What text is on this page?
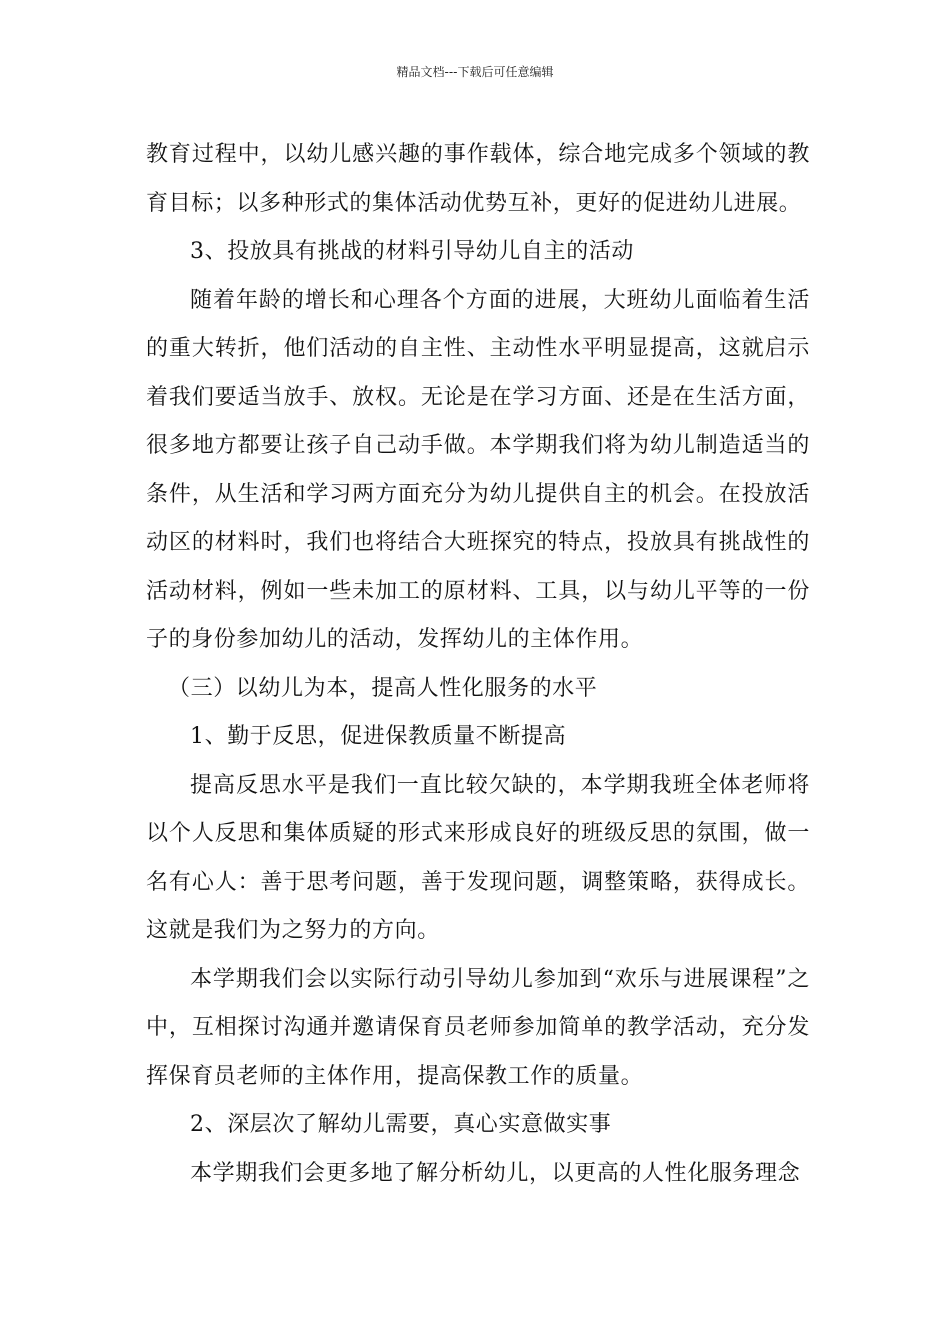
精品文档---下载后可任意编辑

教育过程中，以幼儿感兴趣的事作载体，综合地完成多个领域的教育目标；以多种形式的集体活动优势互补，更好的促进幼儿进展。

3、投放具有挑战的材料引导幼儿自主的活动

随着年龄的增长和心理各个方面的进展，大班幼儿面临着生活的重大转折，他们活动的自主性、主动性水平明显提高，这就启示着我们要适当放手、放权。无论是在学习方面、还是在生活方面，很多地方都要让孩子自己动手做。本学期我们将为幼儿制造适当的条件，从生活和学习两方面充分为幼儿提供自主的机会。在投放活动区的材料时，我们也将结合大班探究的特点，投放具有挑战性的活动材料，例如一些未加工的原材料、工具，以与幼儿平等的一份子的身份参加幼儿的活动，发挥幼儿的主体作用。

（三）以幼儿为本，提高人性化服务的水平

1、勤于反思，促进保教质量不断提高

提高反思水平是我们一直比较欠缺的，本学期我班全体老师将以个人反思和集体质疑的形式来形成良好的班级反思的氛围，做一名有心人：善于思考问题，善于发现问题，调整策略，获得成长。这就是我们为之努力的方向。

本学期我们会以实际行动引导幼儿参加到“欢乐与进展课程”之中，互相探讨沟通并邀请保育员老师参加简单的教学活动，充分发挥保育员老师的主体作用，提高保教工作的质量。

2、深层次了解幼儿需要，真心实意做实事

本学期我们会更多地了解分析幼儿，以更高的人性化服务理念
